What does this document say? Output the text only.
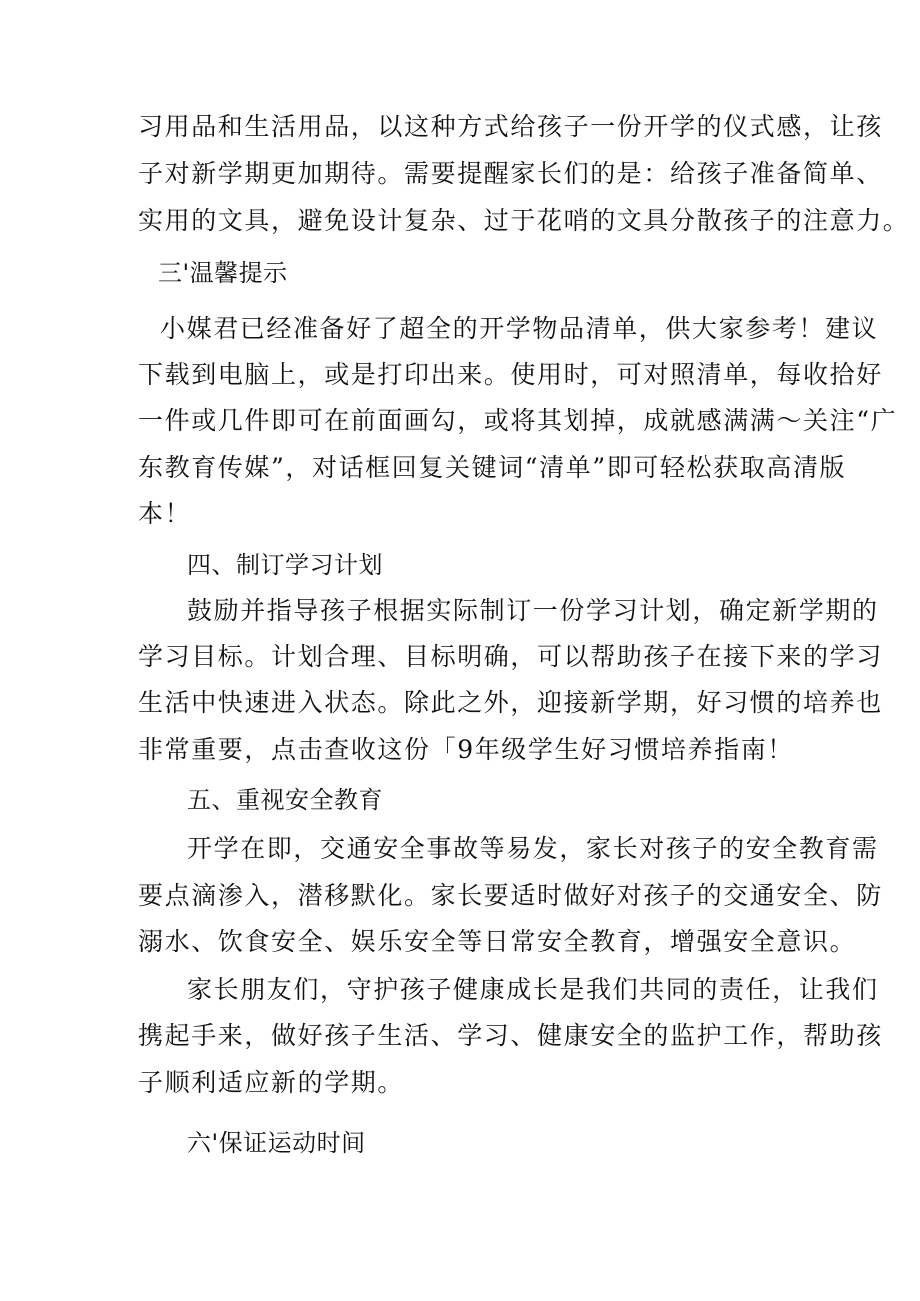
习用品和生活用品，以这种方式给孩子一份开学的仪式感，让孩
子对新学期更加期待。需要提醒家长们的是：给孩子准备简单、
实用的文具，避免设计复杂、过于花哨的文具分散孩子的注意力。
三'温馨提示
小媒君已经准备好了超全的开学物品清单，供大家参考！建议
下载到电脑上，或是打印出来。使用时，可对照清单，每收拾好
一件或几件即可在前面画勾，或将其划掉，成就感满满～关注“广
东教育传媒”，对话框回复关键词“清单”即可轻松获取高清版
本！
四、制订学习计划
鼓励并指导孩子根据实际制订一份学习计划，确定新学期的
学习目标。计划合理、目标明确，可以帮助孩子在接下来的学习
生活中快速进入状态。除此之外，迎接新学期，好习惯的培养也
非常重要，点击查收这份「9年级学生好习惯培养指南！
五、重视安全教育
开学在即，交通安全事故等易发，家长对孩子的安全教育需
要点滴渗入，潜移默化。家长要适时做好对孩子的交通安全、防
溺水、饮食安全、娱乐安全等日常安全教育，增强安全意识。
家长朋友们，守护孩子健康成长是我们共同的责任，让我们
携起手来，做好孩子生活、学习、健康安全的监护工作，帮助孩
子顺利适应新的学期。
六'保证运动时间
